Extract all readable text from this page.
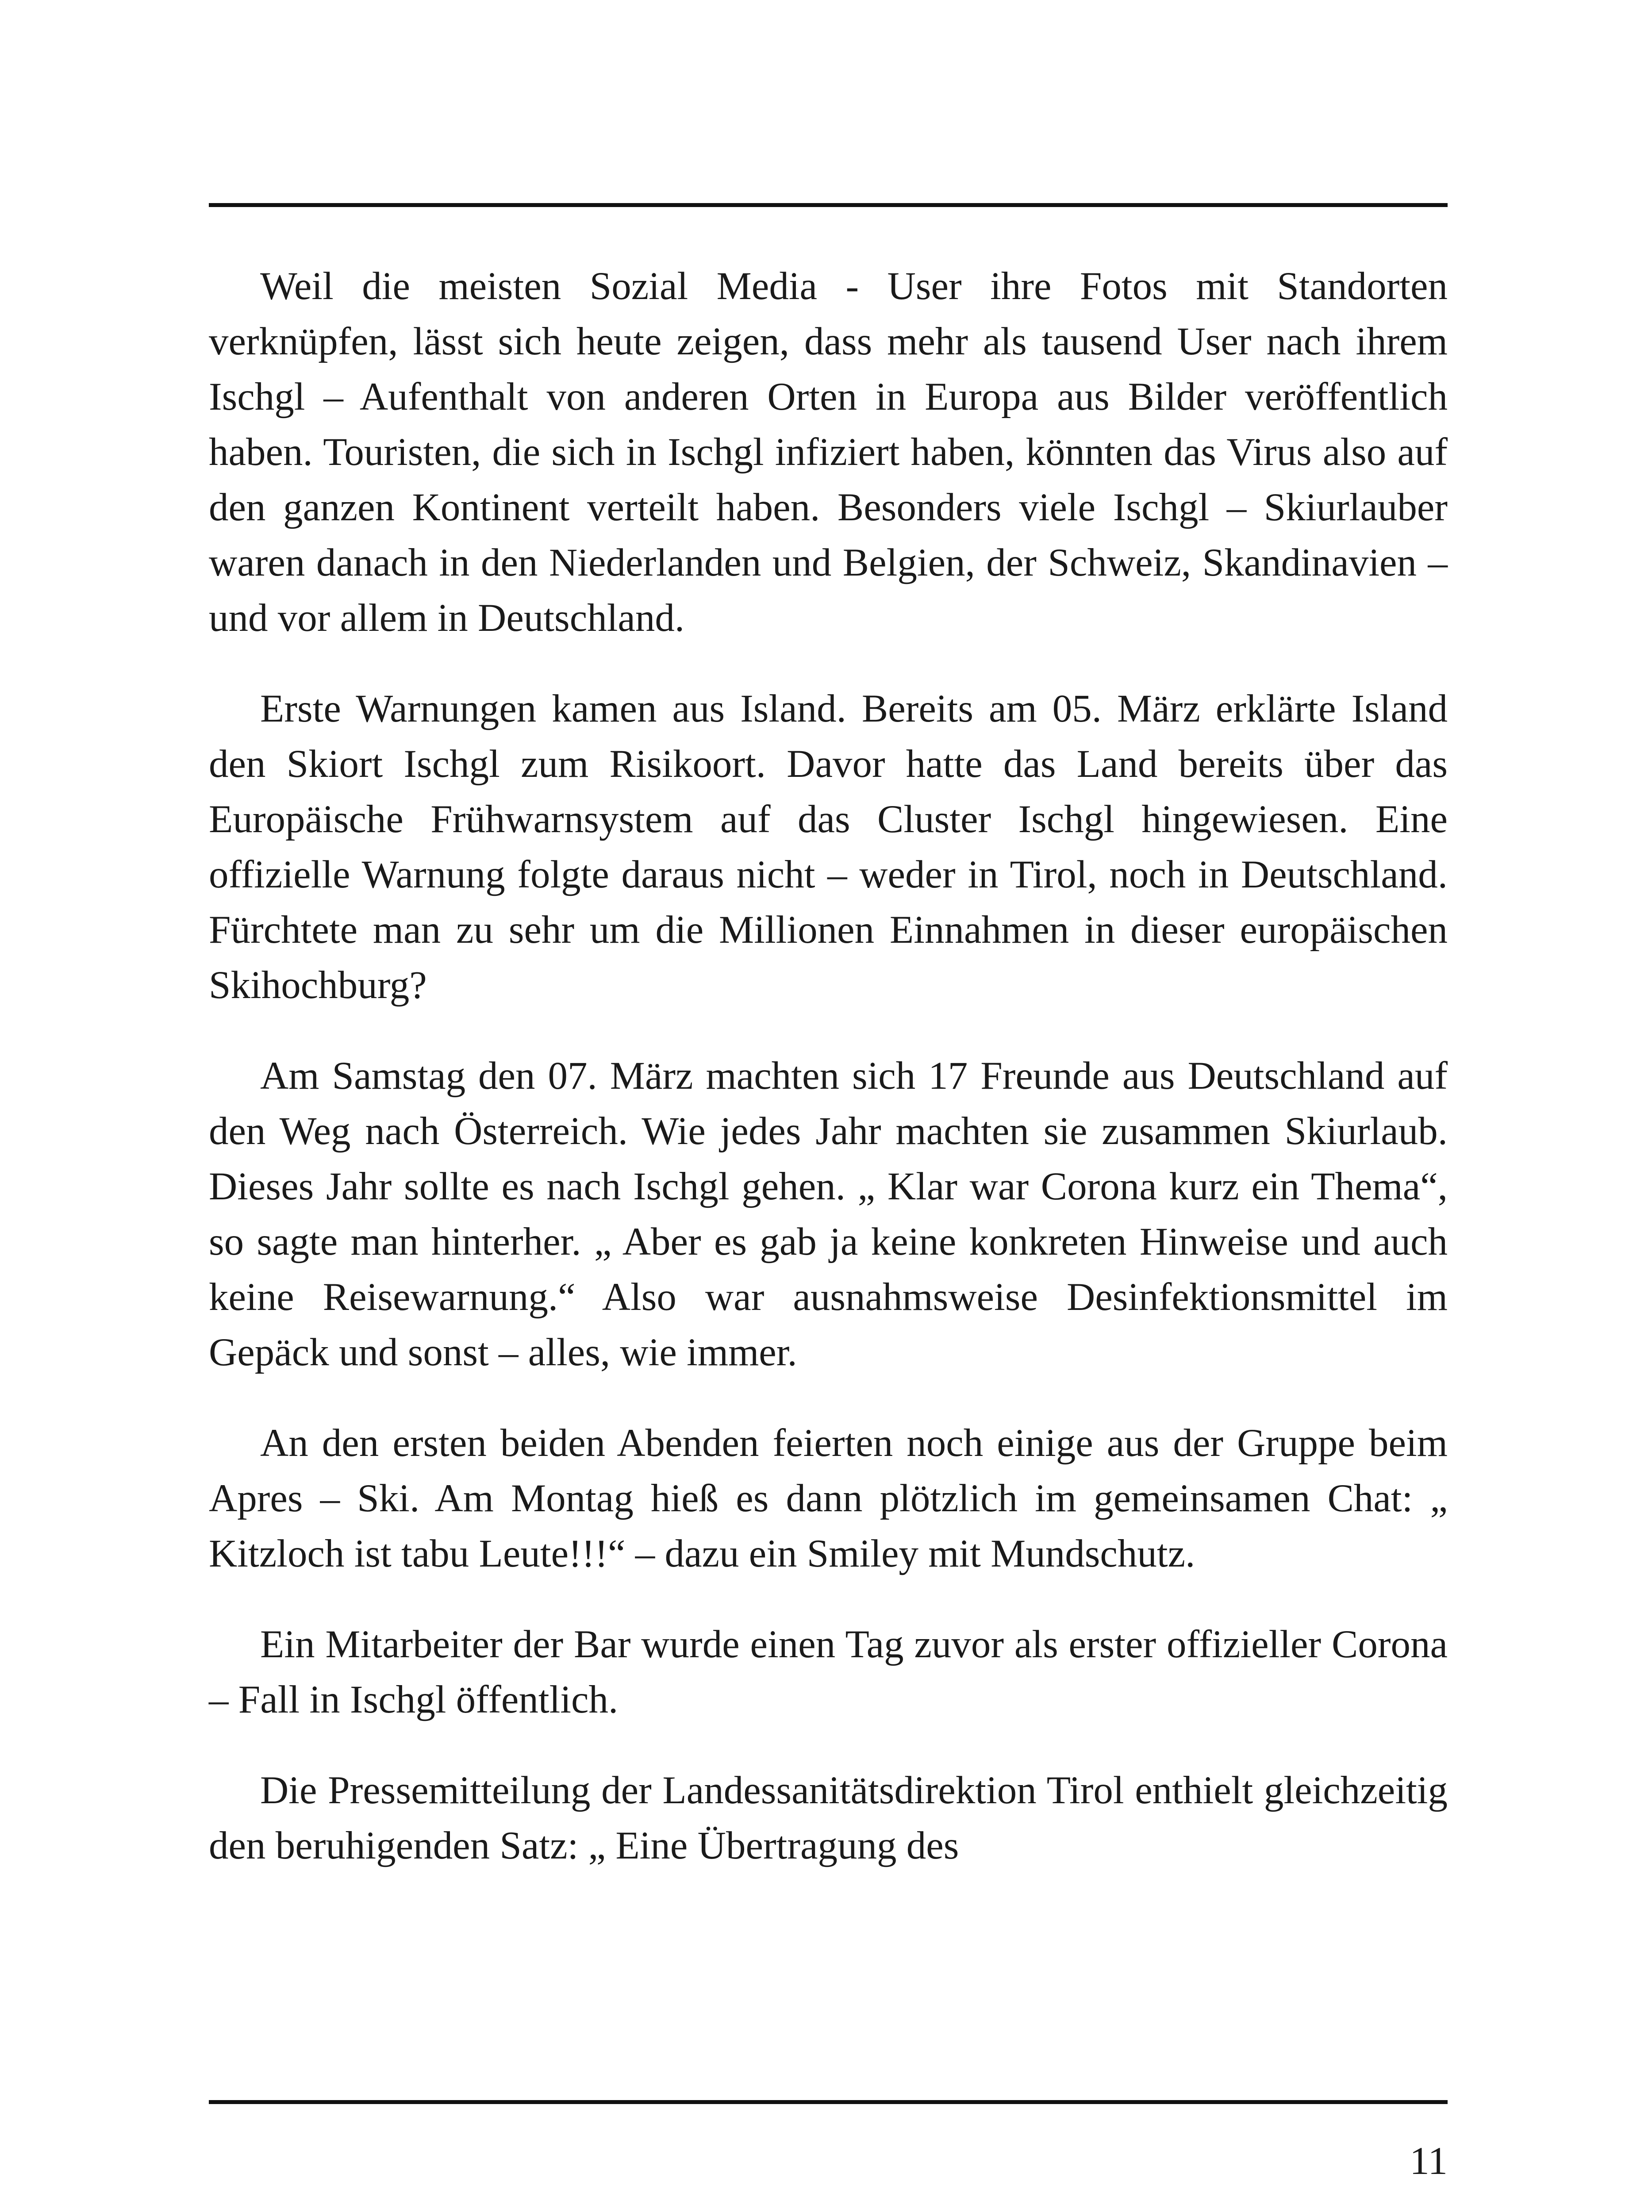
Weil die meisten Sozial Media - User ihre Fotos mit Standorten verknüpfen, lässt sich heute zeigen, dass mehr als tausend User nach ihrem Ischgl – Aufenthalt von anderen Orten in Europa aus Bilder veröffentlich haben. Touristen, die sich in Ischgl infiziert haben, könnten das Virus also auf den ganzen Kontinent verteilt haben. Besonders viele Ischgl – Skiurlauber waren danach in den Niederlanden und Belgien, der Schweiz, Skandinavien – und vor allem in Deutschland.

Erste Warnungen kamen aus Island. Bereits am 05. März erklärte Island den Skiort Ischgl zum Risikoort. Davor hatte das Land bereits über das Europäische Frühwarnsystem auf das Cluster Ischgl hingewiesen. Eine offizielle Warnung folgte daraus nicht – weder in Tirol, noch in Deutschland. Fürchtete man zu sehr um die Millionen Einnahmen in dieser europäischen Skihochburg?

Am Samstag den 07. März machten sich 17 Freunde aus Deutschland auf den Weg nach Österreich. Wie jedes Jahr machten sie zusammen Skiurlaub. Dieses Jahr sollte es nach Ischgl gehen. „ Klar war Corona kurz ein Thema“, so sagte man hinterher. „ Aber es gab ja keine konkreten Hinweise und auch keine Reisewarnung.“ Also war ausnahmsweise Desinfektionsmittel im Gepäck und sonst – alles, wie immer.

An den ersten beiden Abenden feierten noch einige aus der Gruppe beim Apres – Ski. Am Montag hieß es dann plötzlich im gemeinsamen Chat: „ Kitzloch ist tabu Leute!!!“ – dazu ein Smiley mit Mundschutz.

Ein Mitarbeiter der Bar wurde einen Tag zuvor als erster offizieller Corona – Fall in Ischgl öffentlich.

Die Pressemitteilung der Landessanitätsdirektion Tirol enthielt gleichzeitig den beruhigenden Satz: „ Eine Übertragung des

11
